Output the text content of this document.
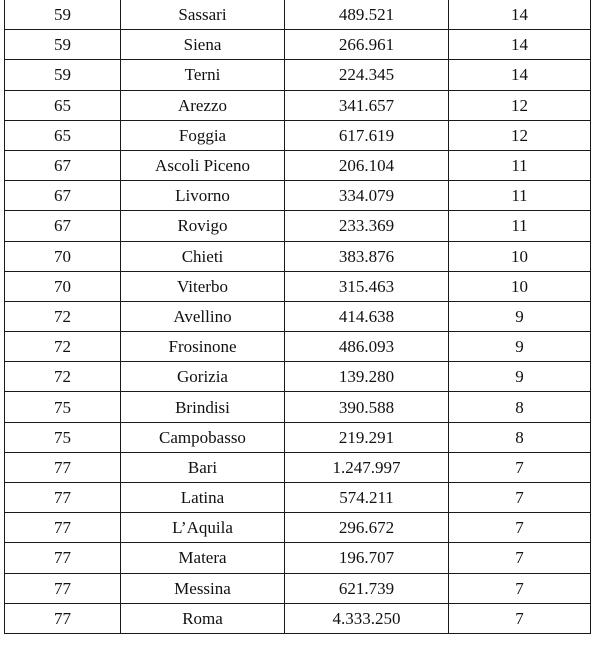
59	Sassari	489.521	14
59	Siena	266.961	14
59	Terni	224.345	14
65	Arezzo	341.657	12
65	Foggia	617.619	12
67	Ascoli Piceno	206.104	11
67	Livorno	334.079	11
67	Rovigo	233.369	11
70	Chieti	383.876	10
70	Viterbo	315.463	10
72	Avellino	414.638	9
72	Frosinone	486.093	9
72	Gorizia	139.280	9
75	Brindisi	390.588	8
75	Campobasso	219.291	8
77	Bari	1.247.997	7
77	Latina	574.211	7
77	L’Aquila	296.672	7
77	Matera	196.707	7
77	Messina	621.739	7
77	Roma	4.333.250	7
